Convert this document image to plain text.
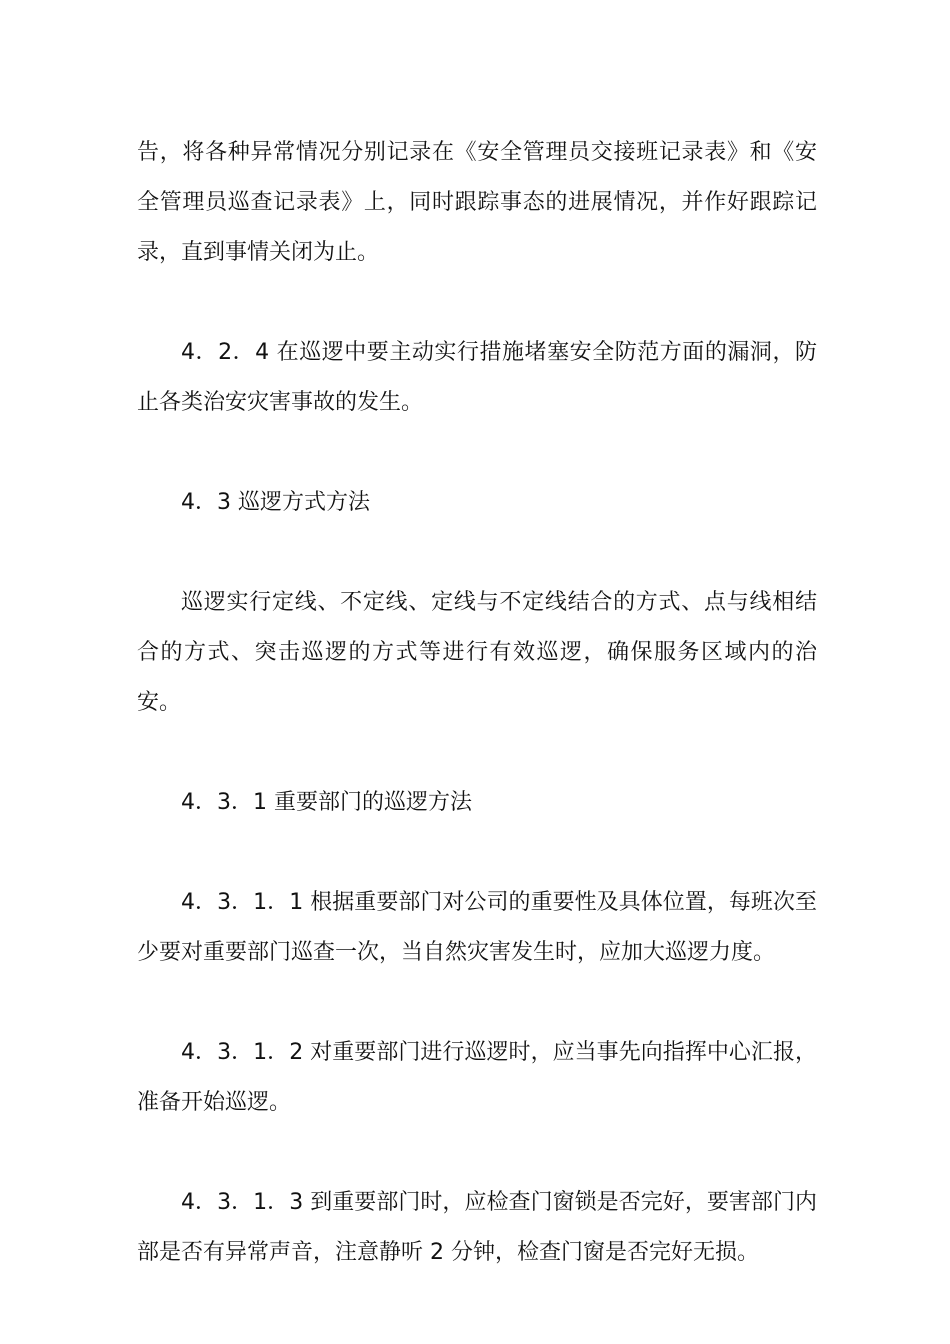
告，将各种异常情况分别记录在《安全管理员交接班记录表》和《安全管理员巡查记录表》上，同时跟踪事态的进展情况，并作好跟踪记录，直到事情关闭为止。

4．2．4 在巡逻中要主动实行措施堵塞安全防范方面的漏洞，防止各类治安灾害事故的发生。

4．3 巡逻方式方法

巡逻实行定线、不定线、定线与不定线结合的方式、点与线相结合的方式、突击巡逻的方式等进行有效巡逻，确保服务区域内的治安。

4．3．1 重要部门的巡逻方法

4．3．1．1 根据重要部门对公司的重要性及具体位置，每班次至少要对重要部门巡查一次，当自然灾害发生时，应加大巡逻力度。

4．3．1．2 对重要部门进行巡逻时，应当事先向指挥中心汇报，准备开始巡逻。

4．3．1．3 到重要部门时，应检查门窗锁是否完好，要害部门内部是否有异常声音，注意静听 2 分钟，检查门窗是否完好无损。
